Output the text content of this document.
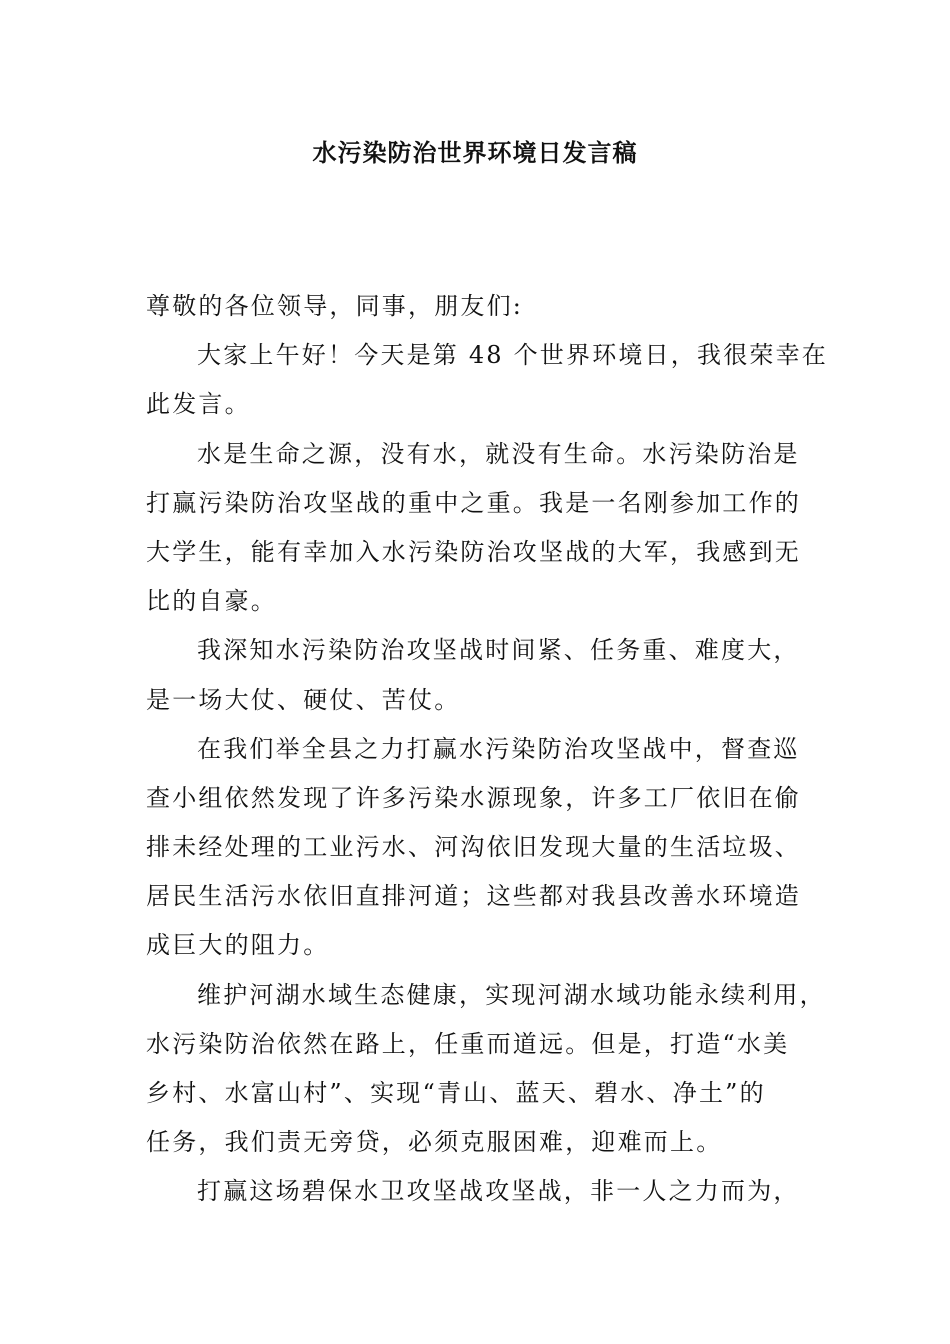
水污染防治世界环境日发言稿
尊敬的各位领导，同事，朋友们:
大家上午好！今天是第 48 个世界环境日，我很荣幸在
此发言。
水是生命之源，没有水，就没有生命。水污染防治是
打赢污染防治攻坚战的重中之重。我是一名刚参加工作的
大学生，能有幸加入水污染防治攻坚战的大军，我感到无
比的自豪。
我深知水污染防治攻坚战时间紧、任务重、难度大，
是一场大仗、硬仗、苦仗。
在我们举全县之力打赢水污染防治攻坚战中，督查巡
查小组依然发现了许多污染水源现象，许多工厂依旧在偷
排未经处理的工业污水、河沟依旧发现大量的生活垃圾、
居民生活污水依旧直排河道；这些都对我县改善水环境造
成巨大的阻力。
维护河湖水域生态健康，实现河湖水域功能永续利用，
水污染防治依然在路上，任重而道远。但是，打造“水美
乡村、水富山村”、实现“青山、蓝天、碧水、净土”的
任务，我们责无旁贷，必须克服困难，迎难而上。
打赢这场碧保水卫攻坚战攻坚战，非一人之力而为，
